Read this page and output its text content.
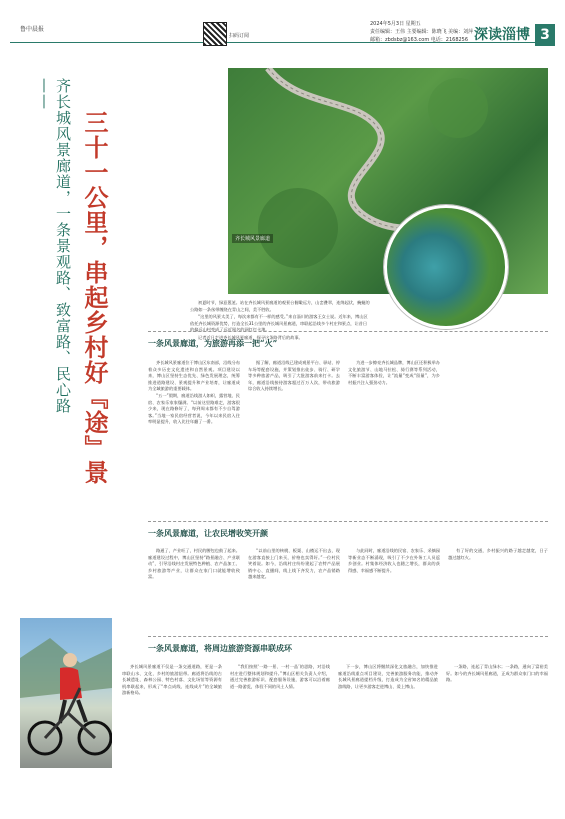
鲁中晨报
扫码订阅
2024年5月3日 星期五
责任编辑：王伟 主要编辑：陈晓飞 美编：刘萍
邮箱：zbdsbz@163.com 电话：2168256 深读淄博 3
齐长城风景廊道，一条景观路、致富路、民心路——
三十一公里，串起乡村好『途』景	齐长城风景廊道

初夏时节，绿意葱茏。站在齐长城风景廊道的观景台俯瞰远方，山峦叠翠，连绵起伏，蜿蜒的公路如一条丝带缠绕在青山之间，美不胜收。

“这里的风景太美了，每次来都有不一样的感受。”来自淄川的游客王女士说。近年来，博山区依托齐长城资源优势，打造全长31公里的齐长城风景廊道，串联起沿线多个村庄和景点，让昔日的偏远山村变成了远近闻名的网红打卡地。

记者近日走进齐长城风景廊道，探寻这条路背后的故事。

一条风景廊道，为旅游再添一把“火”

齐长城风景廊道位于博山区东南部，沿线分布着众多历史文化遗迹和自然景观。项目建设以来，博山区坚持生态优先、绿色发展理念，统筹推进道路建设、景观提升和产业培育，让廊道成为全域旅游的重要载体。

“五一”假期，廊道沿线游人如织，露营地、民宿、农家乐家家爆满。“以前这里路难走，游客很少来，现在路修好了，每到周末都有不少自驾游客。”当地一家民宿经营者说，今年以来民宿入住率明显提升，收入比往年翻了一番。

据了解，廊道沿线已建成观景平台、驿站、停车场等配套设施，并策划推出徒步、骑行、研学等多种旅游产品，吸引了大批游客前来打卡。去年，廊道沿线接待游客超过百万人次，带动旅游综合收入持续增长。

为进一步擦亮齐长城品牌，博山区还积极举办文化旅游节、山地马拉松、骑行赛等系列活动，不断丰富游客体验，让“流量”变成“留量”，为乡村振兴注入强劲动力。

一条风景廊道，让农民增收笑开颜

路通了，产业旺了，村民的腰包也鼓了起来。廊道建设过程中，博山区坚持“路景融合、产业联动”，引导沿线村庄发展特色种植、农产品加工、乡村旅游等产业，让群众在家门口就能增收致富。

“以前山里的核桃、板栗、山楂运不出去，现在游客直接上门来买，价格也卖得好。”一位村民笑着说。如今，沿线村庄纷纷建起了农特产品展销中心、直播间，线上线下齐发力，农产品销路越来越宽。

与此同时，廊道沿线的民宿、农家乐、采摘园等新业态不断涌现，吸引了不少在外务工人员返乡创业。村集体经济收入也随之增长，群众的获得感、幸福感不断提升。

有了好的交通，乡村振兴的路子越走越宽，日子越过越红火。

一条风景廊道，将周边旅游资源串联成环

齐长城风景廊道不仅是一条交通道路，更是一条串联山水、文化、乡村的旅游纽带。廊道将沿线的古长城遗址、森林公园、特色村落、文化场馆等资源有机串联起来，形成了“串点成线、连线成片”的全域旅游新格局。

“我们按照‘一路一景、一村一品’的思路，对沿线村庄进行整体规划和提升。”博山区相关负责人介绍，通过完善旅游标识、配套服务设施，游客可以沿着廊道一路游览，体验不同的风土人情。

下一步，博山区将继续深化文旅融合，加快推进廊道沿线重点项目建设，完善旅游服务功能，推动齐长城风景廊道提档升级，打造成为全省知名的精品旅游线路，让更多游客走进博山、爱上博山。

一条路，连起了青山绿水；一条路，通向了富裕美好。如今的齐长城风景廊道，正成为群众家门口的幸福路。
